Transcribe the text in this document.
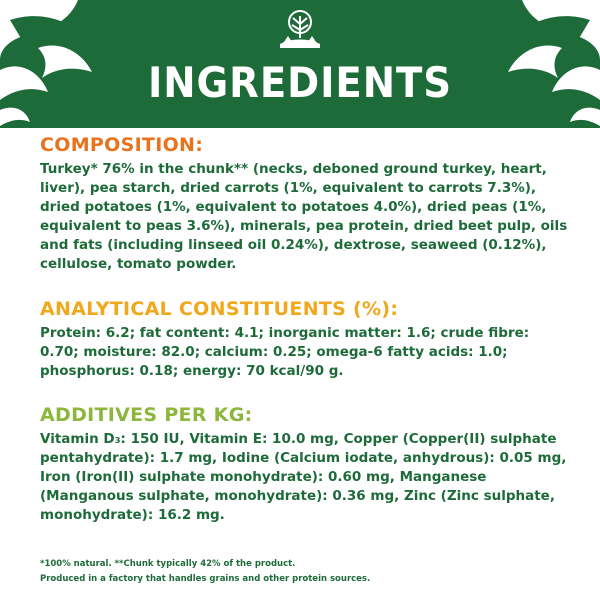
INGREDIENTS
COMPOSITION:

Turkey* 76% in the chunk** (necks, deboned ground turkey, heart, liver), pea starch, dried carrots (1%, equivalent to carrots 7.3%), dried potatoes (1%, equivalent to potatoes 4.0%), dried peas (1%, equivalent to peas 3.6%), minerals, pea protein, dried beet pulp, oils and fats (including linseed oil 0.24%), dextrose, seaweed (0.12%), cellulose, tomato powder.

ANALYTICAL CONSTITUENTS (%):

Protein: 6.2; fat content: 4.1; inorganic matter: 1.6; crude fibre: 0.70; moisture: 82.0; calcium: 0.25; omega-6 fatty acids: 1.0; phosphorus: 0.18; energy: 70 kcal/90 g.

ADDITIVES PER KG:

Vitamin D₃: 150 IU, Vitamin E: 10.0 mg, Copper (Copper(II) sulphate pentahydrate): 1.7 mg, Iodine (Calcium iodate, anhydrous): 0.05 mg, Iron (Iron(II) sulphate monohydrate): 0.60 mg, Manganese (Manganous sulphate, monohydrate): 0.36 mg, Zinc (Zinc sulphate, monohydrate): 16.2 mg.

*100% natural. **Chunk typically 42% of the product.
Produced in a factory that handles grains and other protein sources.
